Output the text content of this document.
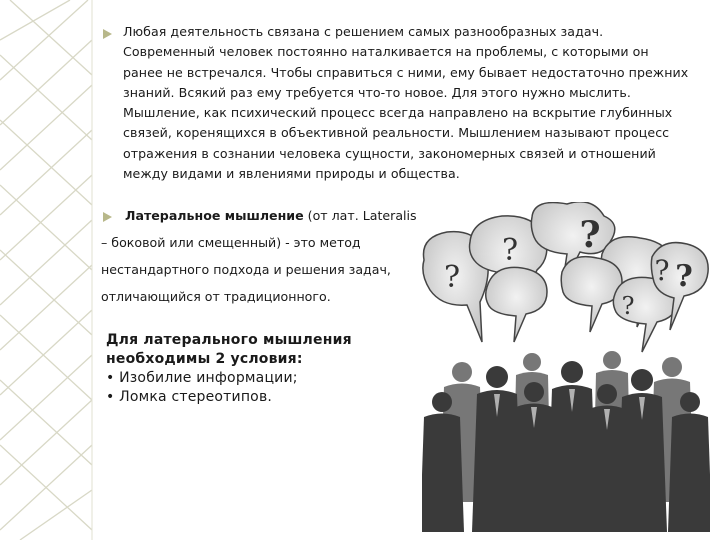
Любая деятельность связана с решением самых разнообразных задач.
Современный человек постоянно наталкивается на проблемы, с которыми он
ранее не встречался. Чтобы справиться с ними, ему бывает недостаточно прежних
знаний. Всякий раз ему требуется что-то новое. Для этого нужно мыслить.
Мышление, как психический процесс всегда направлено на вскрытие глубинных
связей, коренящихся в объективной реальности. Мышлением называют процесс
отражения в сознании человека сущности, закономерных связей и отношений
между видами и явлениями природы и общества.
Латеральное мышление (от лат. Lateralis
– боковой или смещенный) - это метод
нестандартного подхода и решения задач,
отличающийся от традиционного.
Для латерального мышления
необходимы 2 условия:
• Изобилие информации;
• Ломка стереотипов.
?
? ?
?
?
?
